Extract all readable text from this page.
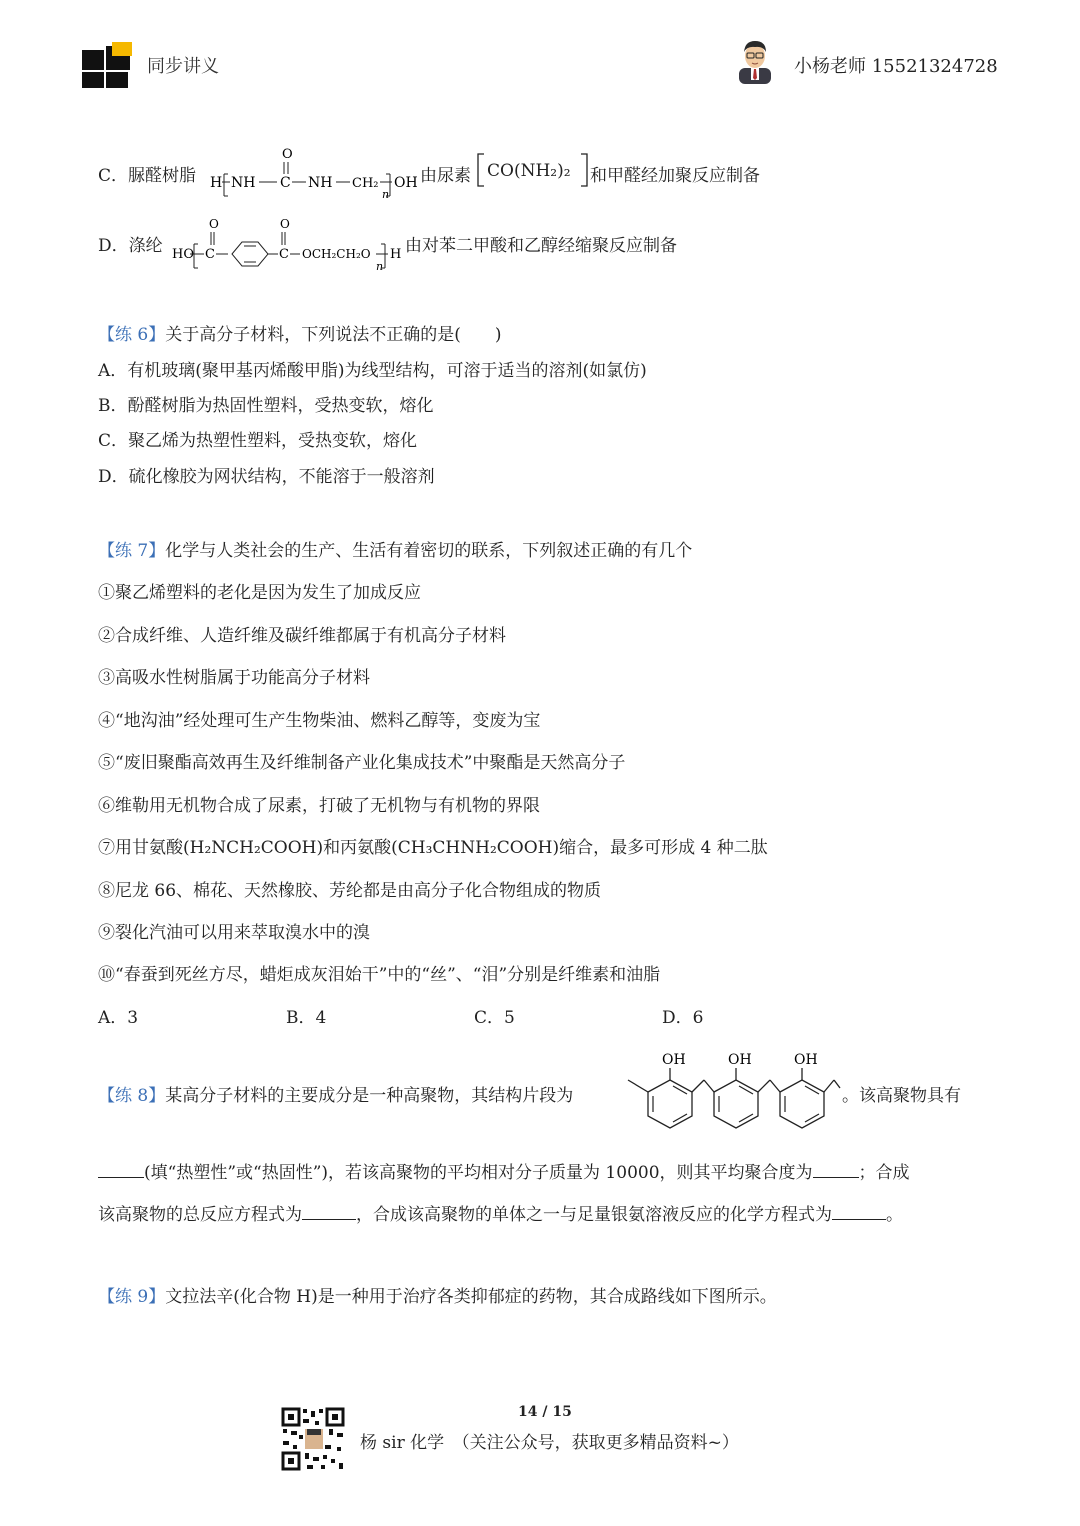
同步讲义	小杨老师 15521324728
C．脲醛树脂 H NH C
O
NH CH₂
n
OH 由尿素 CO(NH₂)₂ 和甲醛经加聚反应制备
D．涤纶 HO C
O
C
O
OCH₂CH₂O
n
H 由对苯二甲酸和乙醇经缩聚反应制备
【练 6】关于高分子材料，下列说法不正确的是(　　)
A．有机玻璃(聚甲基丙烯酸甲脂)为线型结构，可溶于适当的溶剂(如氯仿)
B．酚醛树脂为热固性塑料，受热变软，熔化
C．聚乙烯为热塑性塑料，受热变软，熔化
D．硫化橡胶为网状结构，不能溶于一般溶剂
【练 7】化学与人类社会的生产、生活有着密切的联系，下列叙述正确的有几个
①聚乙烯塑料的老化是因为发生了加成反应
②合成纤维、人造纤维及碳纤维都属于有机高分子材料
③高吸水性树脂属于功能高分子材料
④“地沟油”经处理可生产生物柴油、燃料乙醇等，变废为宝
⑤“废旧聚酯高效再生及纤维制备产业化集成技术”中聚酯是天然高分子
⑥维勒用无机物合成了尿素，打破了无机物与有机物的界限
⑦用甘氨酸(H₂NCH₂COOH)和丙氨酸(CH₃CHNH₂COOH)缩合，最多可形成 4 种二肽
⑧尼龙 66、棉花、天然橡胶、芳纶都是由高分子化合物组成的物质
⑨裂化汽油可以用来萃取溴水中的溴
⑩“春蚕到死丝方尽，蜡炬成灰泪始干”中的“丝”、“泪”分别是纤维素和油脂
A．3	B．4	C．5	D．6
【练 8】某高分子材料的主要成分是一种高聚物，其结构片段为
OH	OH	OH
。该高聚物具有
(填“热塑性”或“热固性”)，若该高聚物的平均相对分子质量为 10000，则其平均聚合度为	；合成
该高聚物的总反应方程式为	，合成该高聚物的单体之一与足量银氨溶液反应的化学方程式为	。
【练 9】文拉法辛(化合物 H)是一种用于治疗各类抑郁症的药物，其合成路线如下图所示。
14 / 15
杨 sir 化学　（关注公众号，获取更多精品资料~）
